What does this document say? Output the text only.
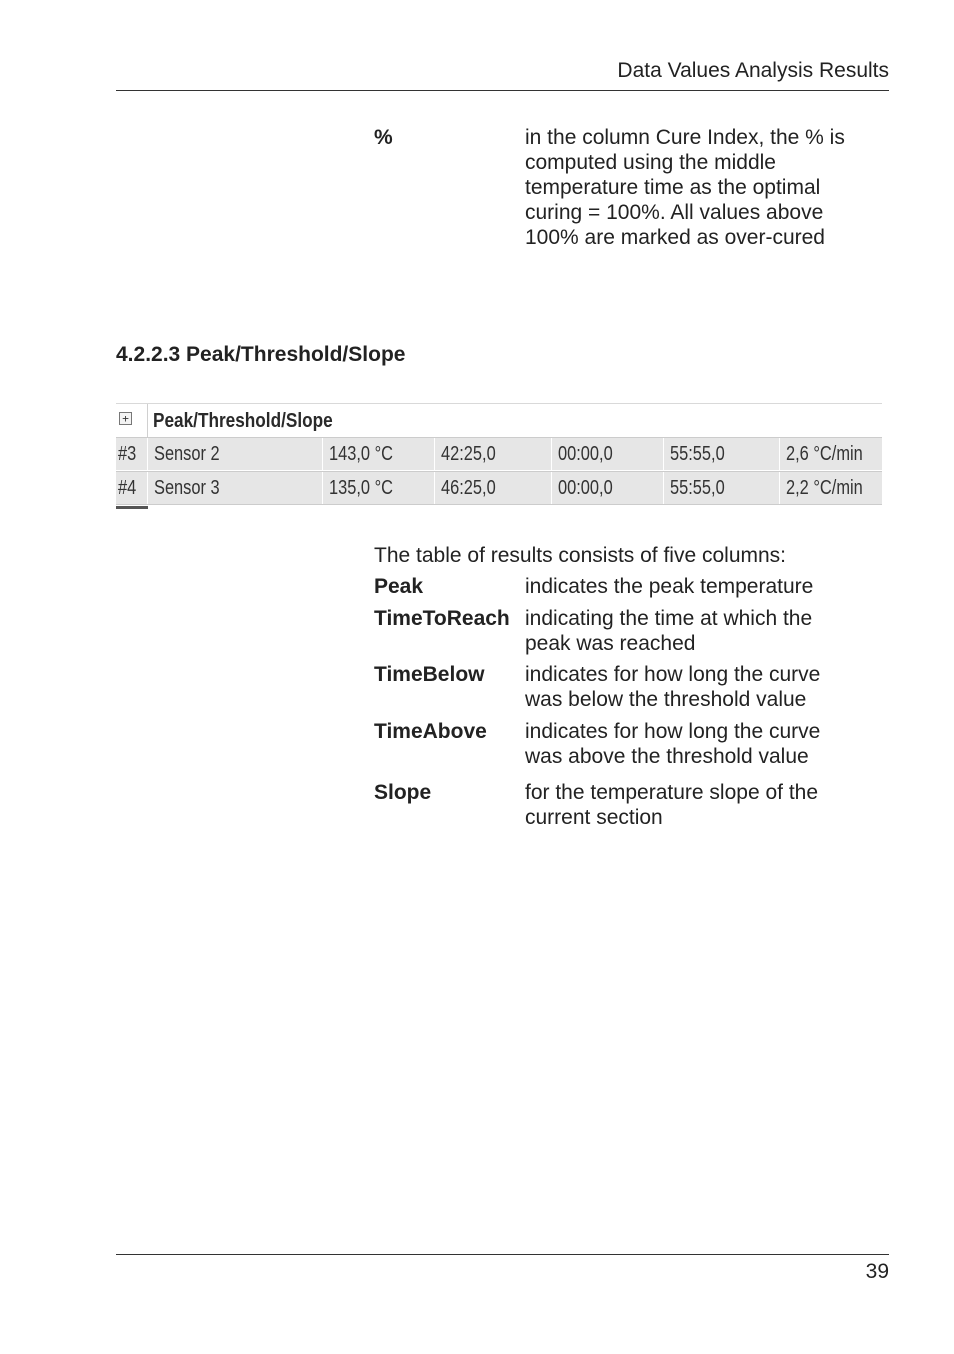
Data Values Analysis Results
%	in the column Cure Index, the % is
computed using the middle
temperature time as the optimal
curing = 100%. All values above
100% are marked as over-cured
4.2.2.3 Peak/Threshold/Slope
+ Peak/Threshold/Slope
#3 Sensor 2	143,0 °C	42:25,0	00:00,0	55:55,0	2,6 °C/min
#4 Sensor 3	135,0 °C	46:25,0	00:00,0	55:55,0	2,2 °C/min
The table of results consists of five columns:
Peak	indicates the peak temperature
TimeToReach indicating the time at which the
peak was reached
TimeBelow indicates for how long the curve
was below the threshold value
TimeAbove indicates for how long the curve
was above the threshold value
Slope	for the temperature slope of the
current section
39
